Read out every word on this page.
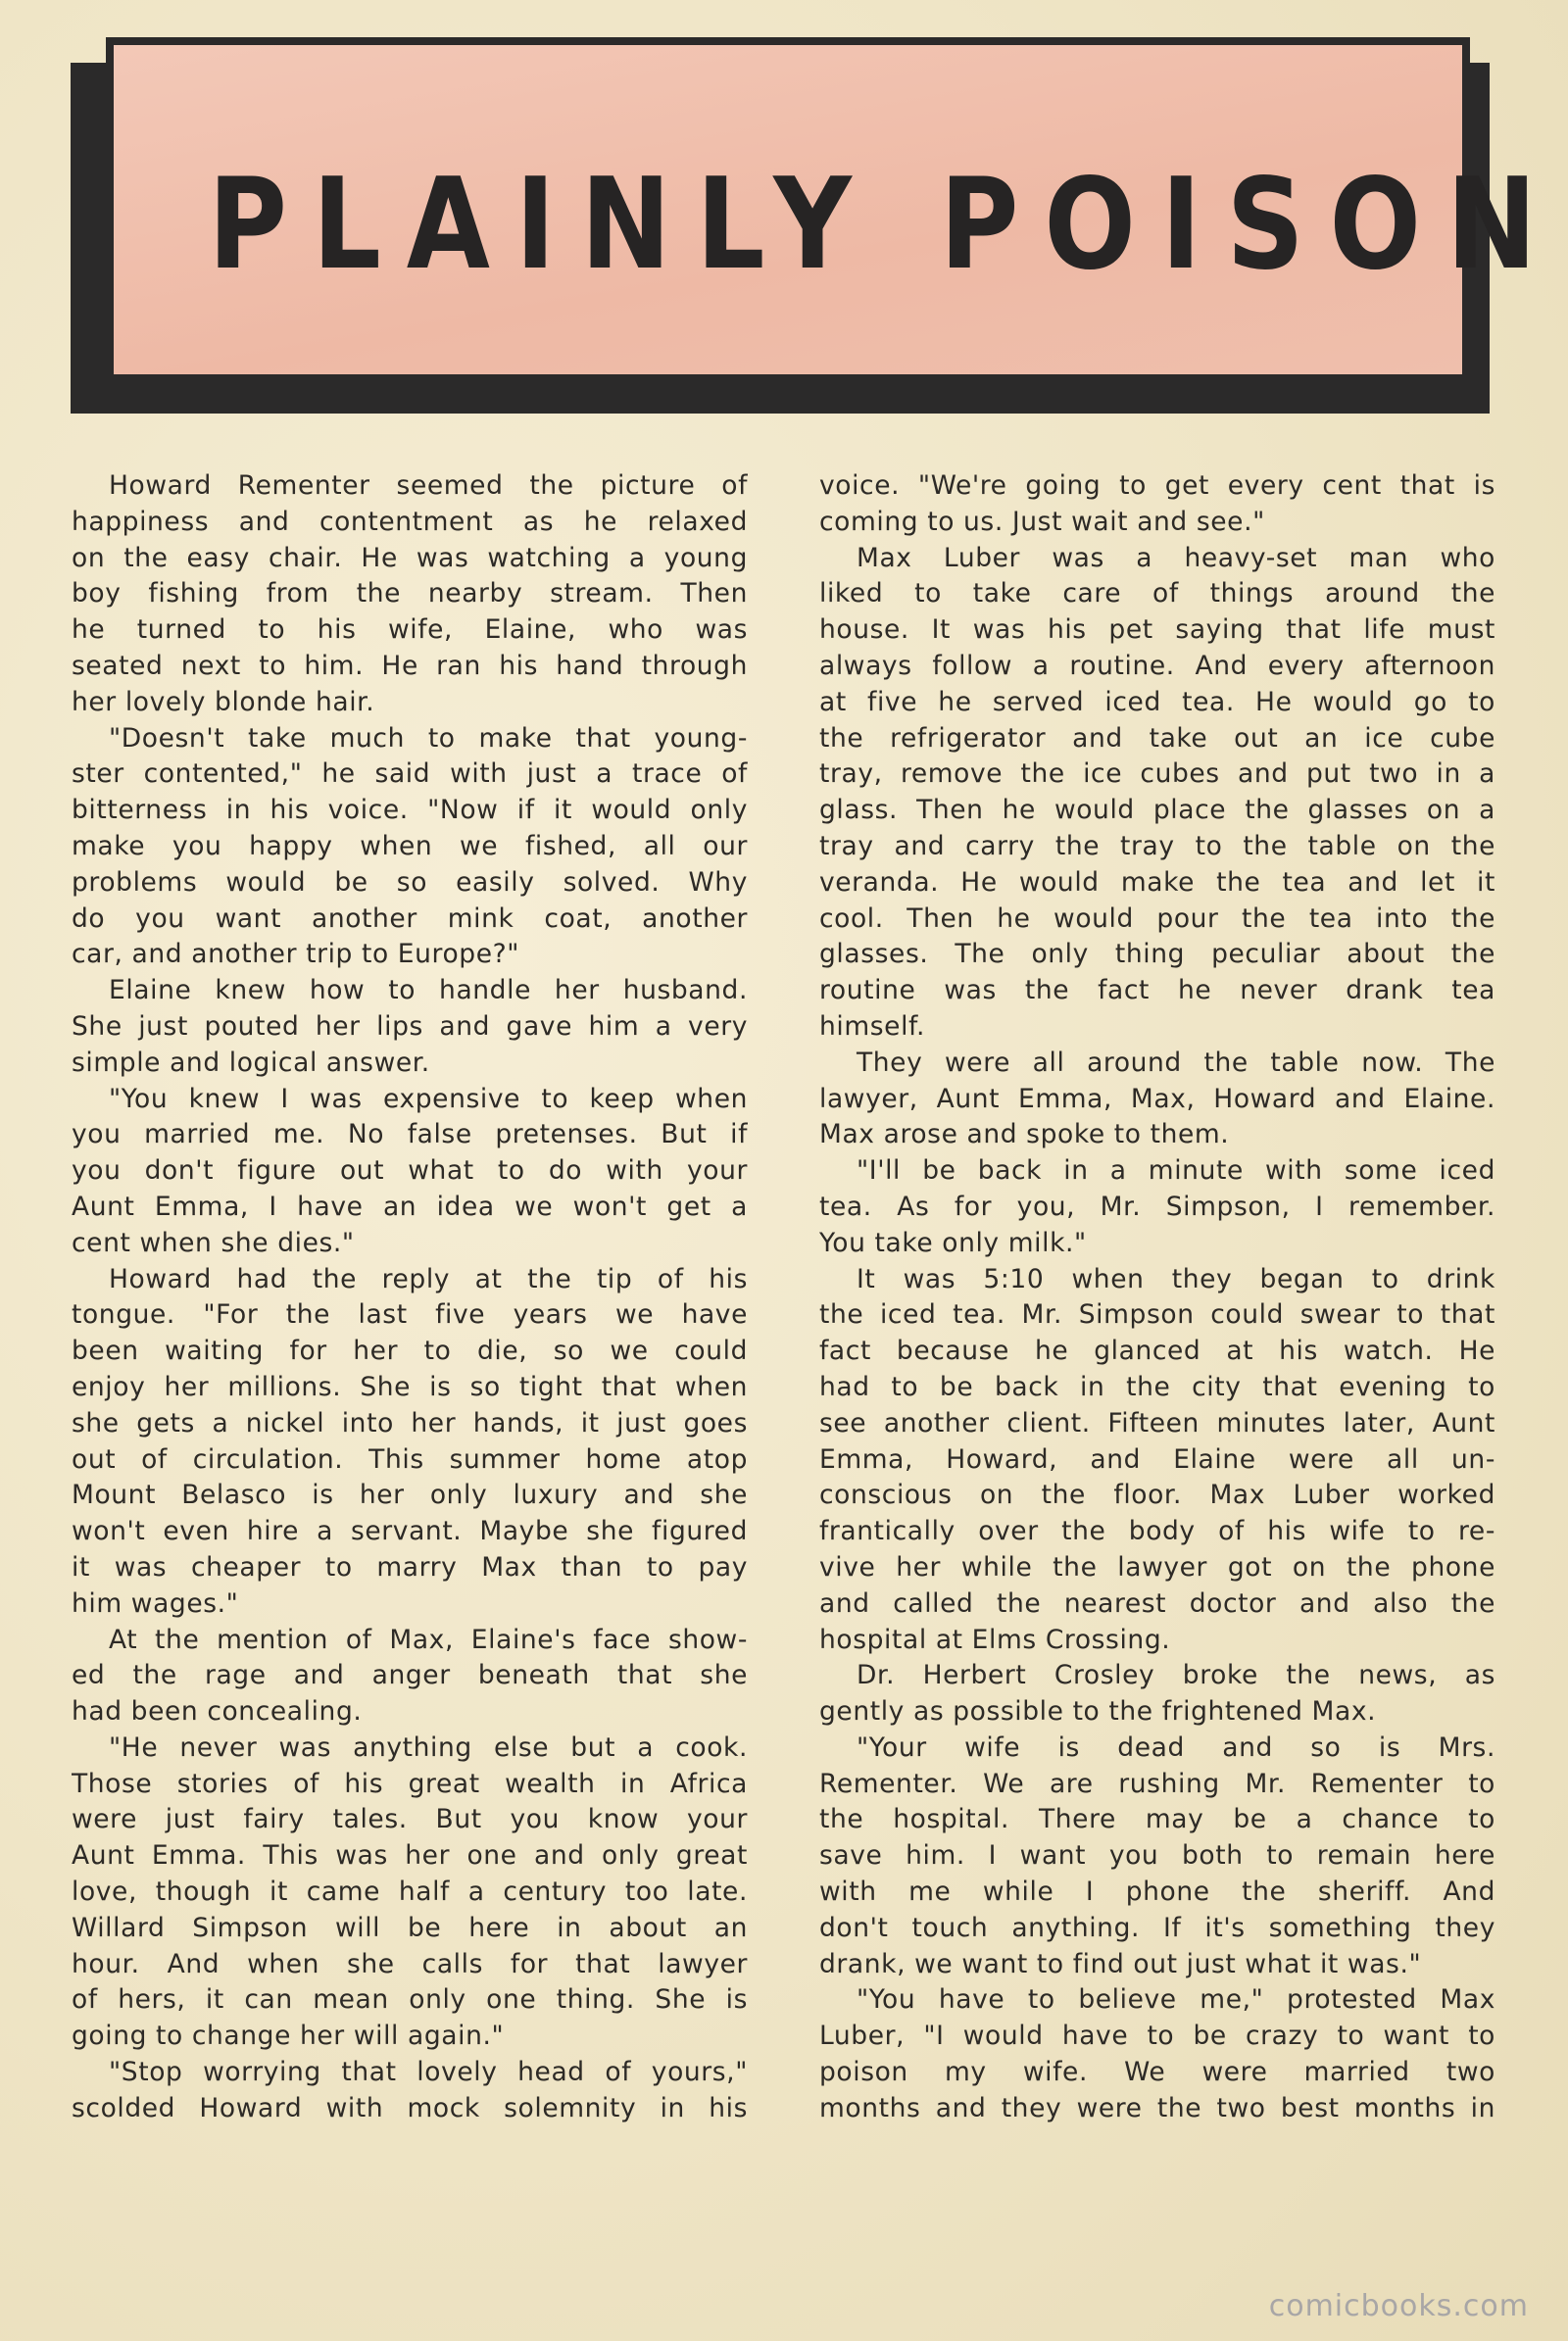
PLAINLY POISON
Howard Rementer seemed the picture of
happiness and contentment as he relaxed
on the easy chair. He was watching a young
boy fishing from the nearby stream. Then
he turned to his wife, Elaine, who was
seated next to him. He ran his hand through
her lovely blonde hair.
"Doesn't take much to make that young-
ster contented," he said with just a trace of
bitterness in his voice. "Now if it would only
make you happy when we fished, all our
problems would be so easily solved. Why
do you want another mink coat, another
car, and another trip to Europe?"
Elaine knew how to handle her husband.
She just pouted her lips and gave him a very
simple and logical answer.
"You knew I was expensive to keep when
you married me. No false pretenses. But if
you don't figure out what to do with your
Aunt Emma, I have an idea we won't get a
cent when she dies."
Howard had the reply at the tip of his
tongue. "For the last five years we have
been waiting for her to die, so we could
enjoy her millions. She is so tight that when
she gets a nickel into her hands, it just goes
out of circulation. This summer home atop
Mount Belasco is her only luxury and she
won't even hire a servant. Maybe she figured
it was cheaper to marry Max than to pay
him wages."
At the mention of Max, Elaine's face show-
ed the rage and anger beneath that she
had been concealing.
"He never was anything else but a cook.
Those stories of his great wealth in Africa
were just fairy tales. But you know your
Aunt Emma. This was her one and only great
love, though it came half a century too late.
Willard Simpson will be here in about an
hour. And when she calls for that lawyer
of hers, it can mean only one thing. She is
going to change her will again."
"Stop worrying that lovely head of yours,"
scolded Howard with mock solemnity in his
voice. "We're going to get every cent that is
coming to us. Just wait and see."
Max Luber was a heavy-set man who
liked to take care of things around the
house. It was his pet saying that life must
always follow a routine. And every afternoon
at five he served iced tea. He would go to
the refrigerator and take out an ice cube
tray, remove the ice cubes and put two in a
glass. Then he would place the glasses on a
tray and carry the tray to the table on the
veranda. He would make the tea and let it
cool. Then he would pour the tea into the
glasses. The only thing peculiar about the
routine was the fact he never drank tea
himself.
They were all around the table now. The
lawyer, Aunt Emma, Max, Howard and Elaine.
Max arose and spoke to them.
"I'll be back in a minute with some iced
tea. As for you, Mr. Simpson, I remember.
You take only milk."
It was 5:10 when they began to drink
the iced tea. Mr. Simpson could swear to that
fact because he glanced at his watch. He
had to be back in the city that evening to
see another client. Fifteen minutes later, Aunt
Emma, Howard, and Elaine were all un-
conscious on the floor. Max Luber worked
frantically over the body of his wife to re-
vive her while the lawyer got on the phone
and called the nearest doctor and also the
hospital at Elms Crossing.
Dr. Herbert Crosley broke the news, as
gently as possible to the frightened Max.
"Your wife is dead and so is Mrs.
Rementer. We are rushing Mr. Rementer to
the hospital. There may be a chance to
save him. I want you both to remain here
with me while I phone the sheriff. And
don't touch anything. If it's something they
drank, we want to find out just what it was."
"You have to believe me," protested Max
Luber, "I would have to be crazy to want to
poison my wife. We were married two
months and they were the two best months in
comicbooks.com
